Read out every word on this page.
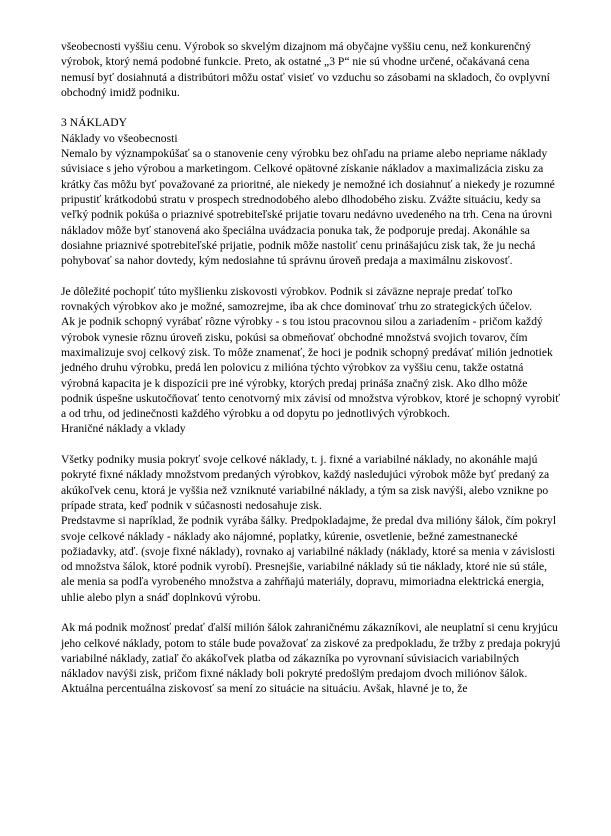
všeobecnosti vyššiu cenu. Výrobok so skvelým dizajnom má obyčajne vyššiu cenu, než konkurenčný výrobok, ktorý nemá podobné funkcie. Preto, ak ostatné „3 P“ nie sú vhodne určené, očakávaná cena nemusí byť dosiahnutá a distribútori môžu ostať visieť vo vzduchu so zásobami na skladoch, čo ovplyvní obchodný imidž podniku.

3 NÁKLADY

Náklady vo všeobecnosti

Nemalo by význampokúšať sa o stanovenie ceny výrobku bez ohľadu na priame alebo nepriame náklady súvisiace s jeho výrobou a marketingom. Celkové opätovné získanie nákladov a maximalizácia zisku za krátky čas môžu byť považované za prioritné, ale niekedy je nemožné ich dosiahnuť a niekedy je rozumné pripustiť krátkodobú stratu v prospech strednodobého alebo dlhodobého zisku. Zvážte situáciu, kedy sa veľký podnik pokúša o priaznivé spotrebiteľské prijatie tovaru nedávno uvedeného na trh. Cena na úrovni nákladov môže byť stanovená ako špeciálna uvádzacia ponuka tak, že podporuje predaj. Akonáhle sa dosiahne priaznivé spotrebiteľské prijatie, podnik môže nastoliť cenu prinášajúcu zisk tak, že ju nechá pohybovať sa nahor dovtedy, kým nedosiahne tú správnu úroveň predaja a maximálnu ziskovosť.

Je dôležité pochopiť túto myšlienku ziskovosti výrobkov. Podnik si záväzne nepraje predať toľko rovnakých výrobkov ako je možné, samozrejme, iba ak chce dominovať trhu zo strategických účelov.

Ak je podnik schopný vyrábať rôzne výrobky - s tou istou pracovnou silou a zariadením - pričom každý výrobok vynesie rôznu úroveň zisku, pokúsi sa obmeňovať obchodné množstvá svojich tovarov, čím maximalizuje svoj celkový zisk. To môže znamenať, že hoci je podnik schopný predávať milión jednotiek jedného druhu výrobku, predá len polovicu z milióna týchto výrobkov za vyššiu cenu, takže ostatná výrobná kapacita je k dispozícii pre iné výrobky, ktorých predaj prináša značný zisk. Ako dlho môže podnik úspešne uskutočňovať tento cenotvorný mix závisí od množstva výrobkov, ktoré je schopný vyrobiť a od trhu, od jedinečnosti každého výrobku a od dopytu po jednotlivých výrobkoch.

Hraničné náklady a vklady

Všetky podniky musia pokryť svoje celkové náklady, t. j. fixné a variabilné náklady, no akonáhle majú pokryté fixné náklady množstvom predaných výrobkov, každý nasledujúci výrobok môže byť predaný za akúkoľvek cenu, ktorá je vyššia než vzniknuté variabilné náklady, a tým sa zisk navýši, alebo vznikne po prípade strata, keď podnik v súčasnosti nedosahuje zisk.

Predstavme si napríklad, že podnik vyrába šálky. Predpokladajme, že predal dva milióny šálok, čím pokryl svoje celkové náklady - náklady ako nájomné, poplatky, kúrenie, osvetlenie, bežné zamestnanecké požiadavky, atď. (svoje fixné náklady), rovnako aj variabilné náklady (náklady, ktoré sa menia v závislosti od množstva šálok, ktoré podnik vyrobí). Presnejšie, variabilné náklady sú tie náklady, ktoré nie sú stále, ale menia sa podľa vyrobeného množstva a zahŕňajú materiály, dopravu, mimoriadna elektrická energia, uhlie alebo plyn a snáď doplnkovú výrobu.

Ak má podnik možnosť predať ďalší milión šálok zahraničnému zákazníkovi, ale neuplatní si cenu kryjúcu jeho celkové náklady, potom to stále bude považovať za ziskové za predpokladu, že tržby z predaja pokryjú variabilné náklady, zatiaľ čo akákoľvek platba od zákazníka po vyrovnaní súvisiacich variabilných nákladov navýši zisk, pričom fixné náklady boli pokryté predošlým predajom dvoch miliónov šálok.

Aktuálna percentuálna ziskovosť sa mení zo situácie na situáciu. Avšak, hlavné je to, že
